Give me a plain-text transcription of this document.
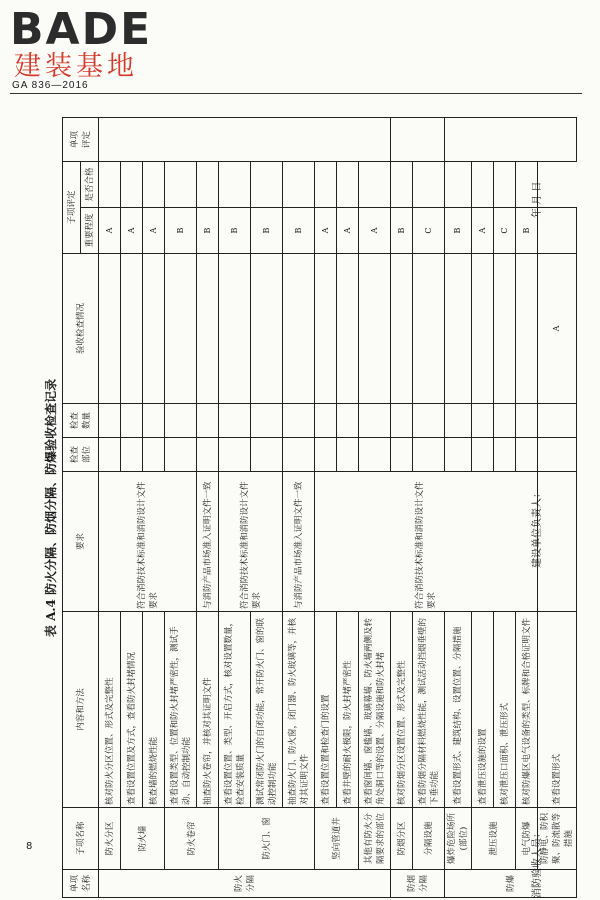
BADE
建装基地
GA 836—2016
表 A.4 防火分隔、防烟分隔、防爆验收检查记录
单项 名称	子项名称	内容和方法	要求	检查 部位	检查 数量	验收检查情况	子项评定		单项 评定
							重要程度	是否合格	
防火 分隔	防火分区	核对防火分区位置、形式及完整性	符合消防技术标准和消防设计文件要求				A		
	防火墙	查看设置位置及方式，查看防火封堵情况					A		
		核查墙的燃烧性能					A		
	防火卷帘	查看设置类型、位置和防火封堵严密性，测试手动、自动控制功能					B		
		抽查防火卷帘，并核对其证明文件	与消防产品市场准入证明文件一致				B		
	防火门、窗	查看设置位置、类型、开启方式，核对设置数量，检查安装质量	符合消防技术标准和消防设计文件要求				B		
		测试常闭防火门的自闭功能，常开防火门、窗的联动控制功能					B		
		抽查防火门、防火窗，闭门器、防火玻璃等，并核对其证明文件	与消防产品市场准入证明文件一致				B		
	竖向管道井	查看设置位置和检查门的设置	符合消防技术标准和消防设计文件要求				A		
		查看井壁的耐火极限，防火封堵严密性					A		
	其他有防火分隔要求的部位	查看窗间墙、窗槛墙、玻璃幕墙、防火墙两侧及转角处洞口等的设置、分隔设施和防火封堵					A		
防烟 分隔	防烟分区	核对防烟分区设置位置、形式及完整性					B		
	分隔设施	查看防烟分隔材料燃烧性能，测试活动挡烟垂壁的下垂功能					C		
防爆	爆炸危险场所(部位)	查看设置形式、建筑结构、设置位置、分隔措施					B		
	泄压设施	查看泄压设施的设置					A		
		核对泄压口面积、泄压形式					C		
	电气防爆	核对防爆区电气设备的类型、标牌和合格证明文件					B		
	防静电、防积聚、防流散等措施	查看设置形式				A			
消防验收人员：
建设单位负责人：
年 月 日
8
